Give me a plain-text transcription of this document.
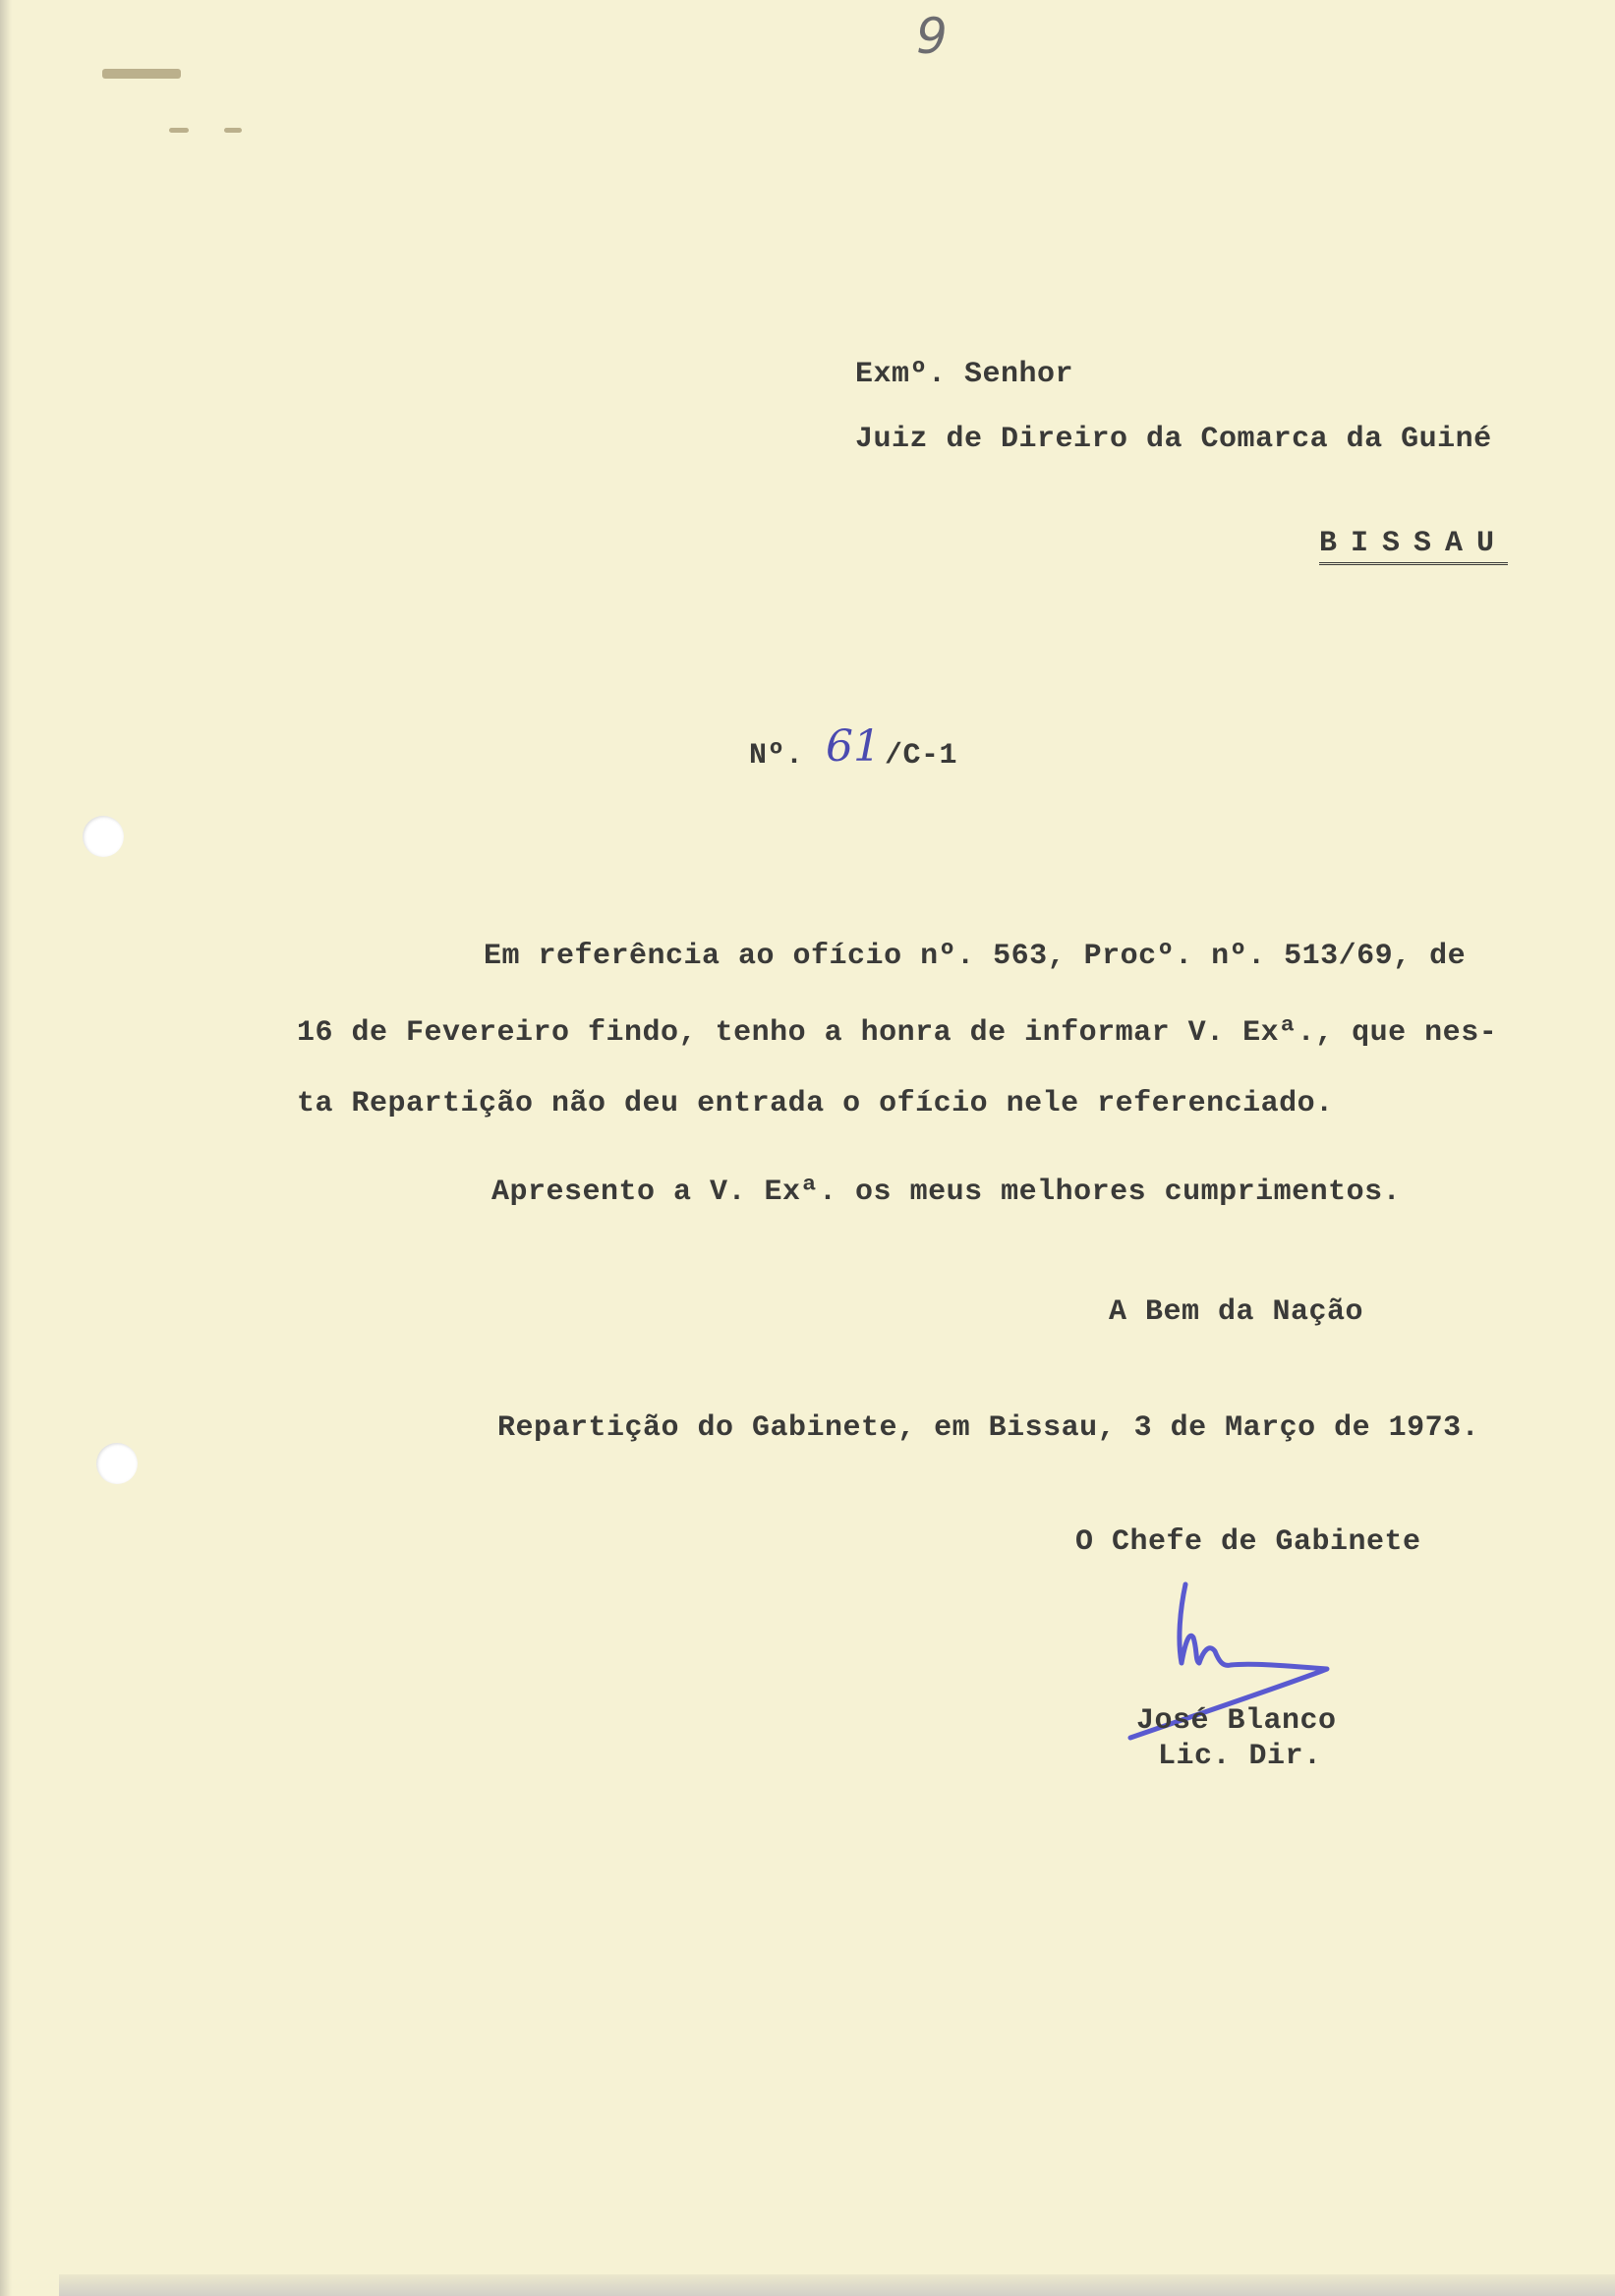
9
Exmº. Senhor
Juiz de Direiro da Comarca da Guiné
BISSAU
Nº. 61 /C-1
Em referência ao ofício nº. 563, Procº. nº. 513/69, de
16 de Fevereiro findo, tenho a honra de informar V. Exª., que nes-
ta Repartição não deu entrada o ofício nele referenciado.
Apresento a V. Exª. os meus melhores cumprimentos.
A Bem da Nação
Repartição do Gabinete, em Bissau, 3 de Março de 1973.
O Chefe de Gabinete
José Blanco
Lic. Dir.
